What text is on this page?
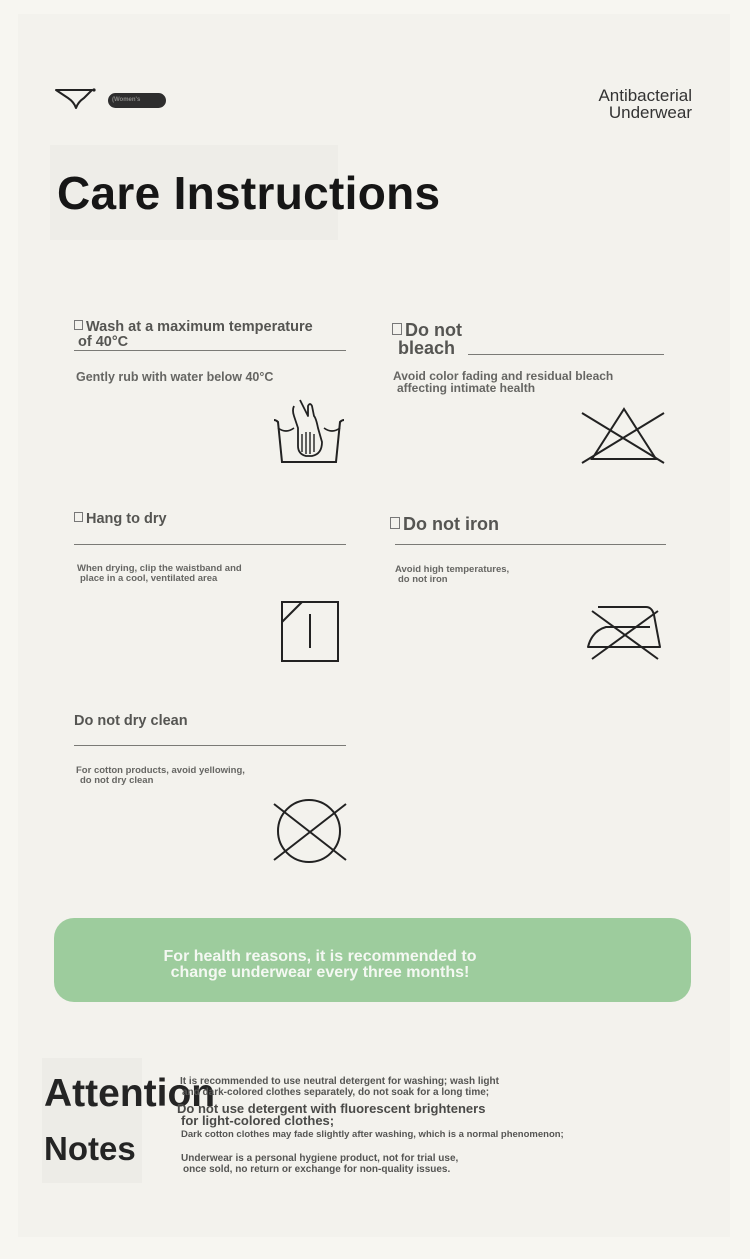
(Women's	Antibacterial
Underwear
Care Instructions
Wash at a maximum temperature
of 40°C
Gently rub with water below 40°C
Do not
bleach
Avoid color fading and residual bleach
affecting intimate health
Hang to dry
When drying, clip the waistband and
place in a cool, ventilated area
Do not iron
Avoid high temperatures,
do not iron
Do not dry clean
For cotton products, avoid yellowing,
do not dry clean
For health reasons, it is recommended to
change underwear every three months!
Attention
Notes
It is recommended to use neutral detergent for washing; wash light
and dark-colored clothes separately, do not soak for a long time;
Do not use detergent with fluorescent brighteners
for light-colored clothes;
Dark cotton clothes may fade slightly after washing, which is a normal phenomenon;
Underwear is a personal hygiene product, not for trial use,
once sold, no return or exchange for non-quality issues.
